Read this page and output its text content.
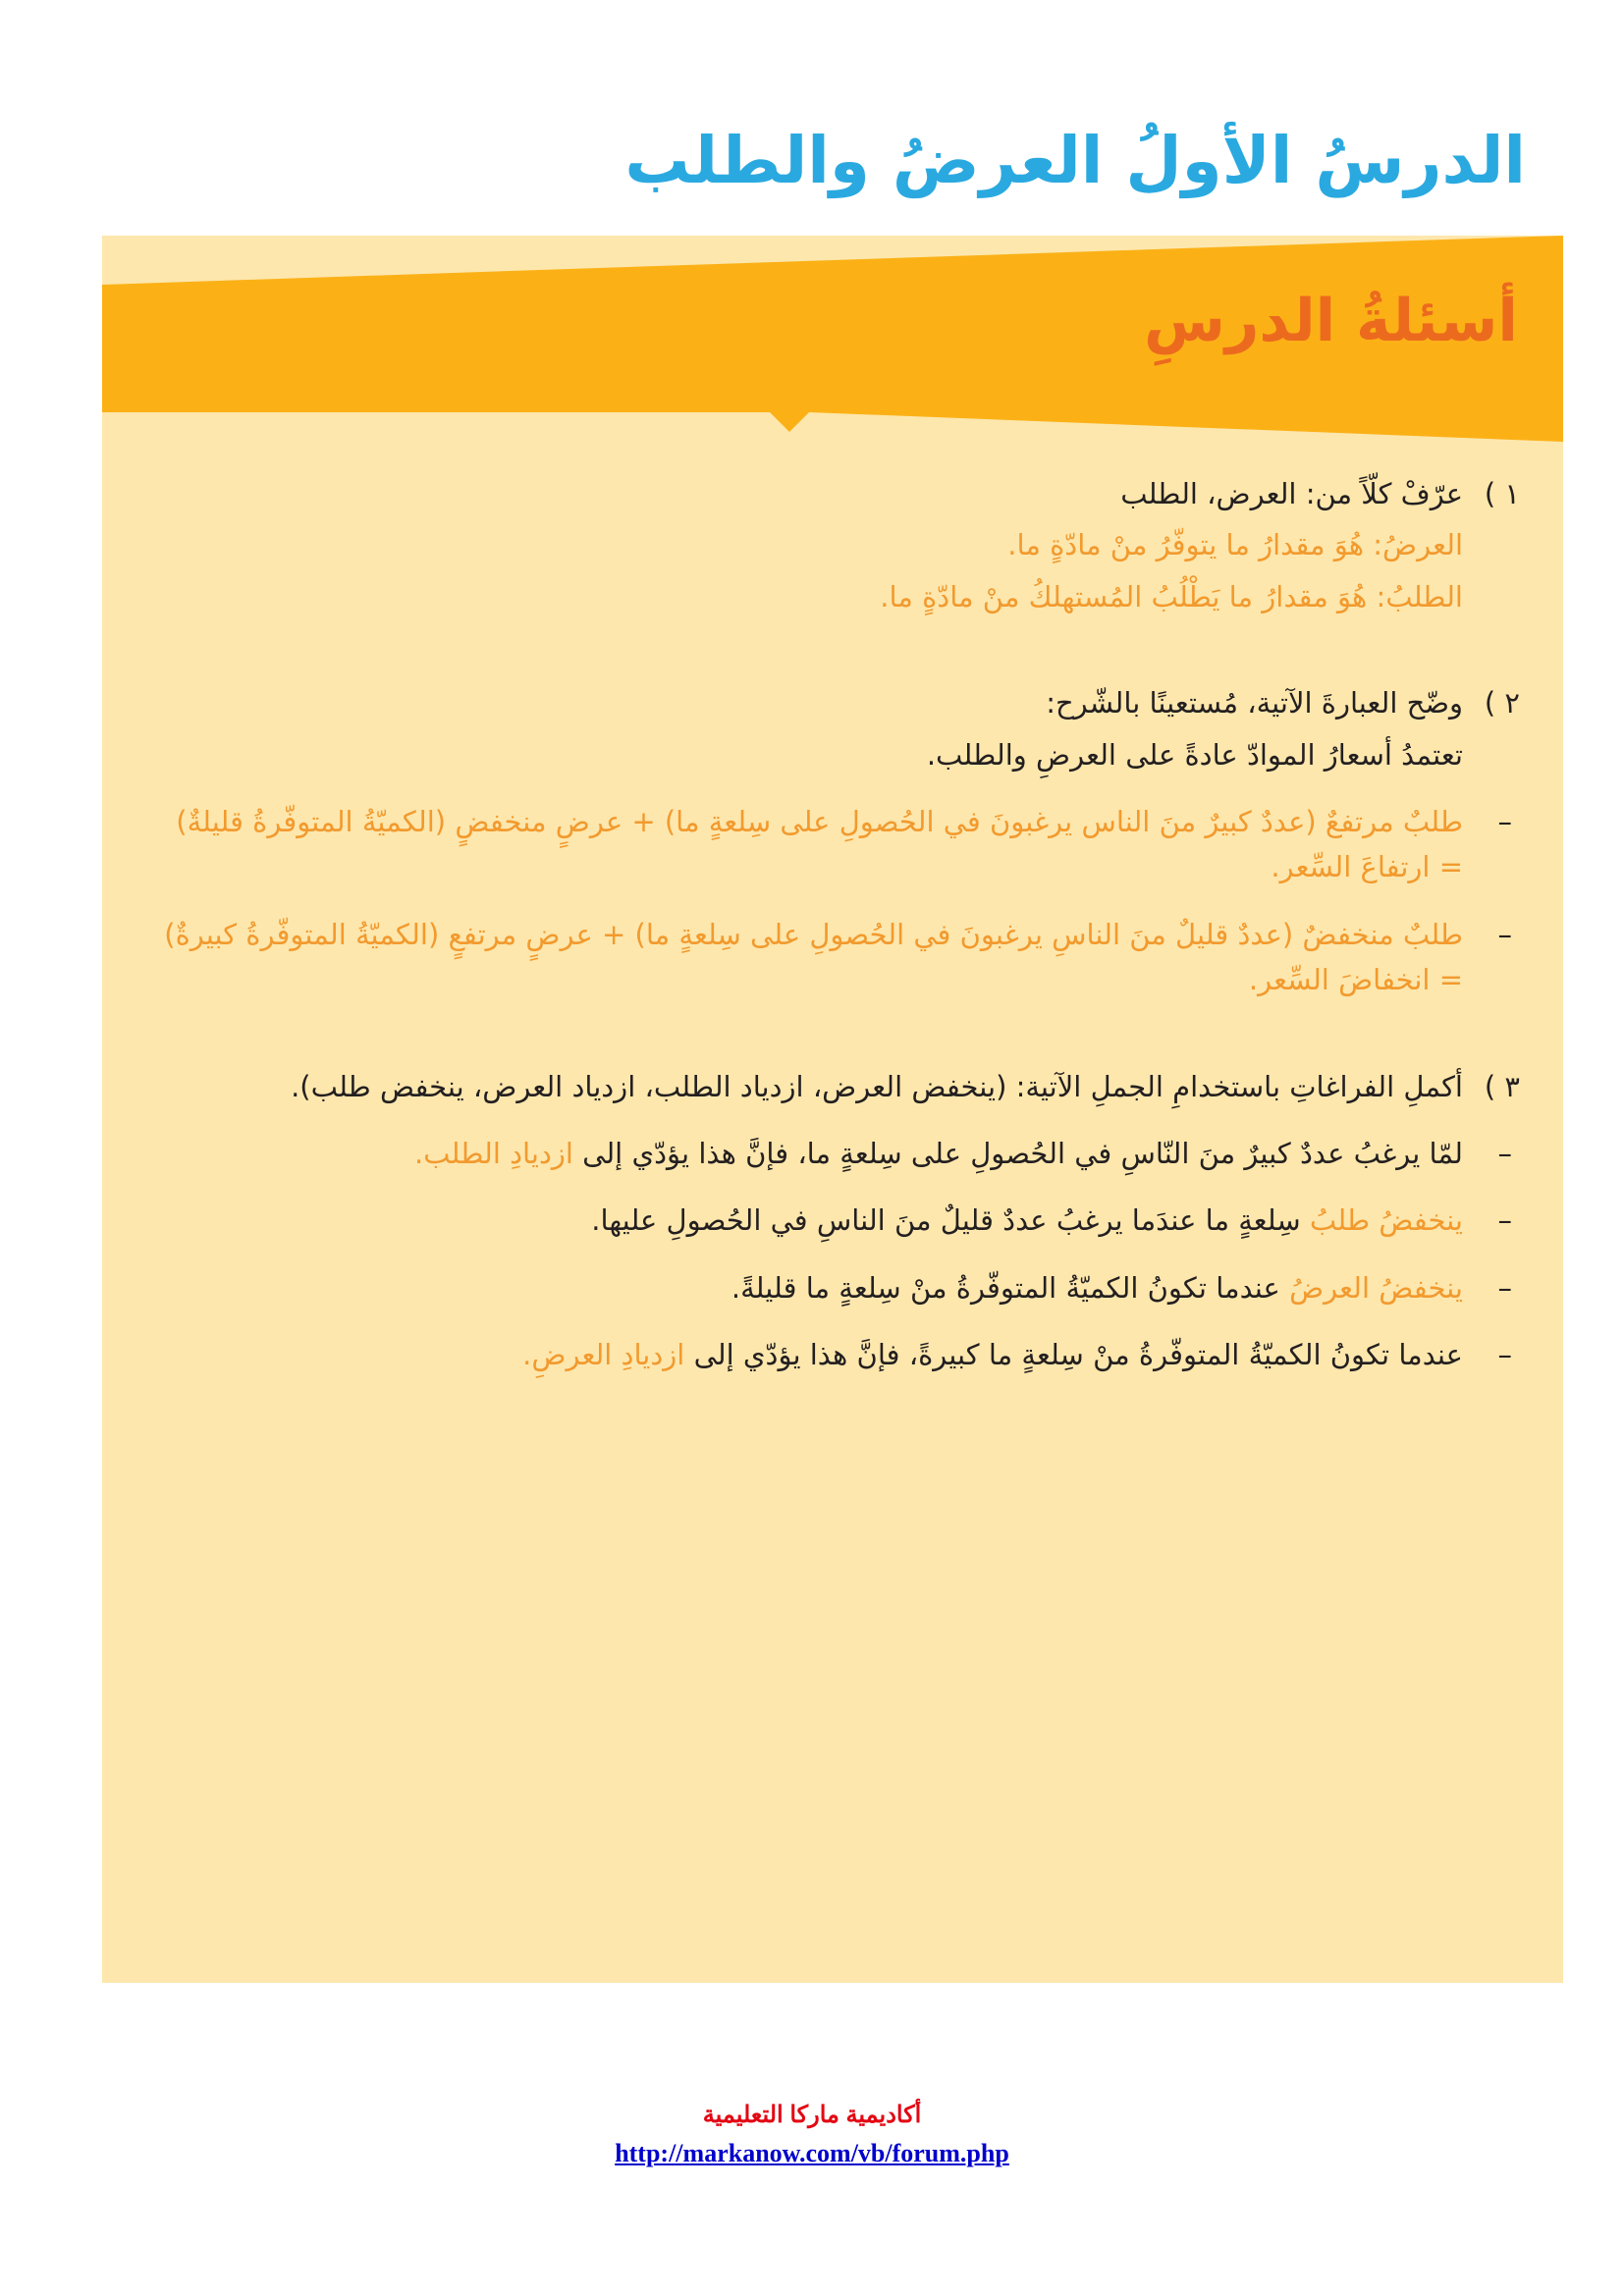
الدرسُ الأولُ العرضُ والطلب
أسئلةُ الدرسِ

١ )عرّفْ كلّاً من: العرض، الطلب

العرضُ: هُوَ مقدارُ ما يتوفّرُ منْ مادّةٍ ما.

الطلبُ: هُوَ مقدارُ ما يَطْلُبُ المُستهلكُ منْ مادّةٍ ما.

٢ )وضّح العبارةَ الآتية، مُستعينًا بالشّرح:

تعتمدُ أسعارُ الموادّ عادةً على العرضِ والطلب.

– طلبٌ مرتفعٌ (عددٌ كبيرٌ منَ الناس يرغبونَ في الحُصولِ على سِلعةٍ ما) + عرضٍ منخفضٍ (الكميّةُ المتوفّرةُ قليلةٌ) = ارتفاعَ السِّعر.

– طلبٌ منخفضٌ (عددٌ قليلٌ منَ الناسِ يرغبونَ في الحُصولِ على سِلعةٍ ما) + عرضٍ مرتفعٍ (الكميّةُ المتوفّرةُ كبيرةٌ) = انخفاضَ السِّعر.

٣ )أكملِ الفراغاتِ باستخدامِ الجملِ الآتية: (ينخفض العرض، ازدياد الطلب، ازدياد العرض، ينخفض طلب).

– لمّا يرغبُ عددٌ كبيرٌ منَ النّاسِ في الحُصولِ على سِلعةٍ ما، فإنَّ هذا يؤدّي إلى ازديادِ الطلب.

– ينخفضُ طلبُ سِلعةٍ ما عندَما يرغبُ عددٌ قليلٌ منَ الناسِ في الحُصولِ عليها.

– ينخفضُ العرضُ عندما تكونُ الكميّةُ المتوفّرةُ منْ سِلعةٍ ما قليلةً.

– عندما تكونُ الكميّةُ المتوفّرةُ منْ سِلعةٍ ما كبيرةً، فإنَّ هذا يؤدّي إلى ازديادِ العرضِ.

أكاديمية ماركا التعليمية

http://markanow.com/vb/forum.php
